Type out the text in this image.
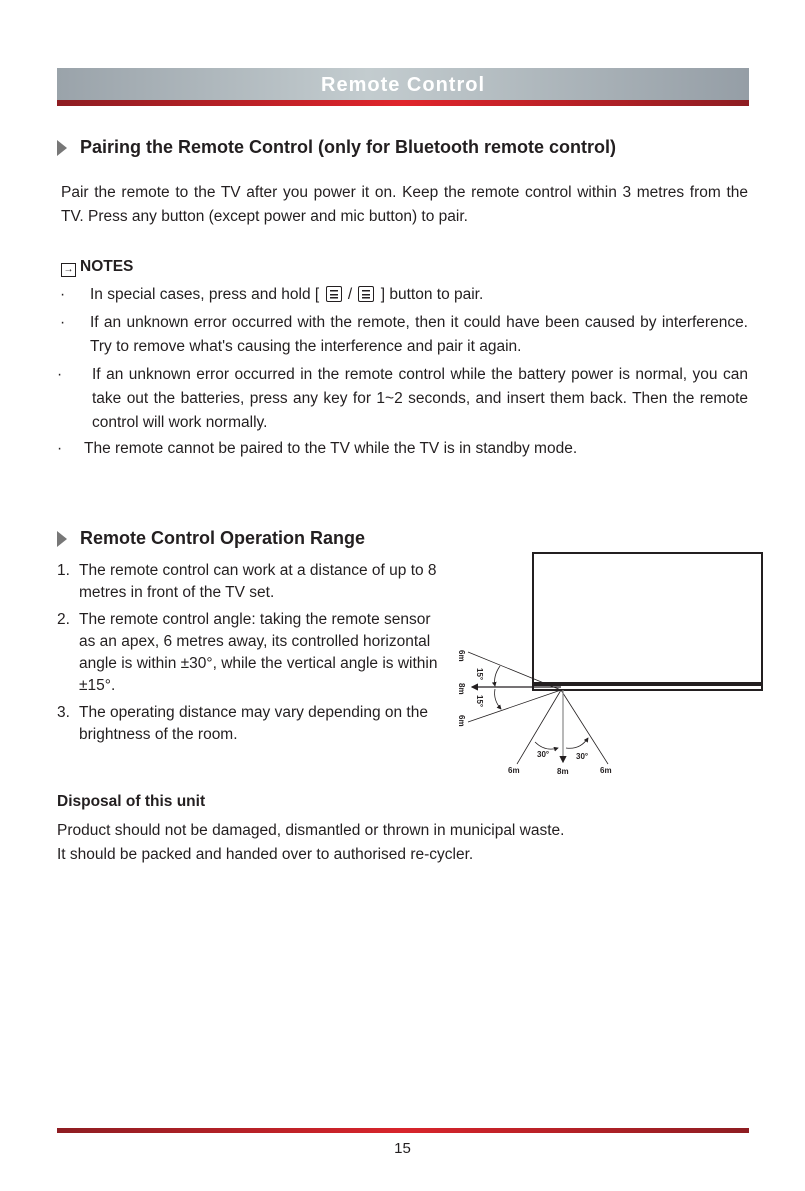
Remote Control
Pairing the Remote Control (only for Bluetooth remote control)
Pair the remote to the TV after you power it on. Keep the remote control within 3 metres from the TV. Press any button (except power and mic button) to pair.
→ NOTES
·	In special cases, press and hold [ / ] button to pair.
·	If an unknown error occurred with the remote, then it could have been caused by interference. Try to remove what's causing the interference and pair it again.
·	If an unknown error occurred in the remote control while the battery power is normal, you can take out the batteries, press any key for 1~2 seconds, and insert them back. Then the remote control will work normally.
·	The remote cannot be paired to the TV while the TV is in standby mode.
Remote Control Operation Range
1. The remote control can work at a distance of up to 8 metres in front of the TV set.
2. The remote control angle: taking the remote sensor as an apex, 6 metres away, its controlled horizontal angle is within ±30°, while the vertical angle is within ±15°.
3. The operating distance may vary depending on the brightness of the room.
6m
8m
6m
15°
15°
30°	30°
6m	8m	6m
Disposal of this unit
Product should not be damaged, dismantled or thrown in municipal waste.
It should be packed and handed over to authorised re-cycler.
15
